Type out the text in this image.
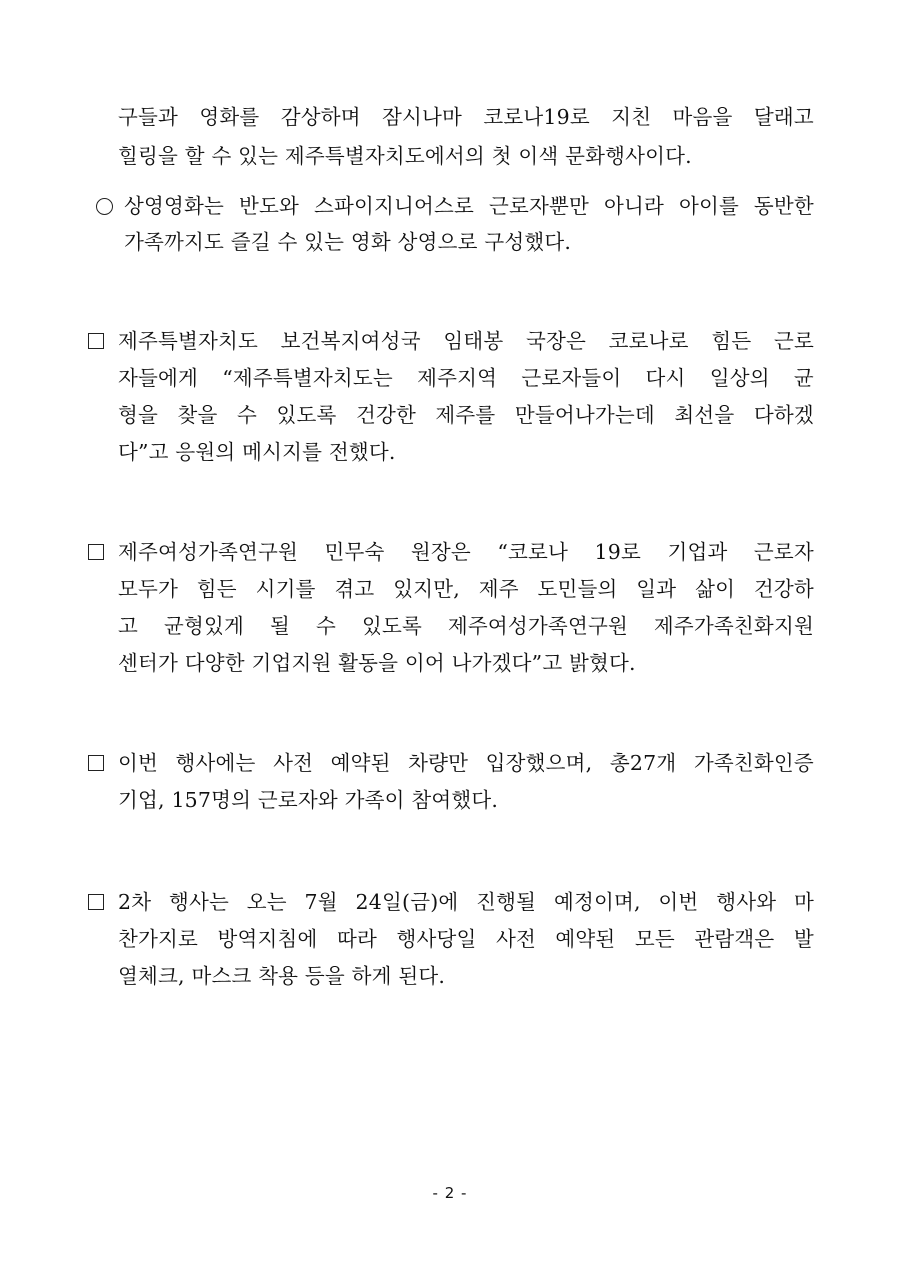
구들과 영화를 감상하며 잠시나마 코로나19로 지친 마음을 달래고
힐링을 할 수 있는 제주특별자치도에서의 첫 이색 문화행사이다.
상영영화는 반도와 스파이지니어스로 근로자뿐만 아니라 아이를 동반한
가족까지도 즐길 수 있는 영화 상영으로 구성했다.
제주특별자치도 보건복지여성국 임태봉 국장은 코로나로 힘든 근로
자들에게 “제주특별자치도는 제주지역 근로자들이 다시 일상의 균
형을 찾을 수 있도록 건강한 제주를 만들어나가는데 최선을 다하겠
다”고 응원의 메시지를 전했다.
제주여성가족연구원 민무숙 원장은 “코로나 19로 기업과 근로자
모두가 힘든 시기를 겪고 있지만, 제주 도민들의 일과 삶이 건강하
고 균형있게 될 수 있도록 제주여성가족연구원 제주가족친화지원
센터가 다양한 기업지원 활동을 이어 나가겠다”고 밝혔다.
이번 행사에는 사전 예약된 차량만 입장했으며, 총27개 가족친화인증
기업, 157명의 근로자와 가족이 참여했다.
2차 행사는 오는 7월 24일(금)에 진행될 예정이며, 이번 행사와 마
찬가지로 방역지침에 따라 행사당일 사전 예약된 모든 관람객은 발
열체크, 마스크 착용 등을 하게 된다.
- 2 -
